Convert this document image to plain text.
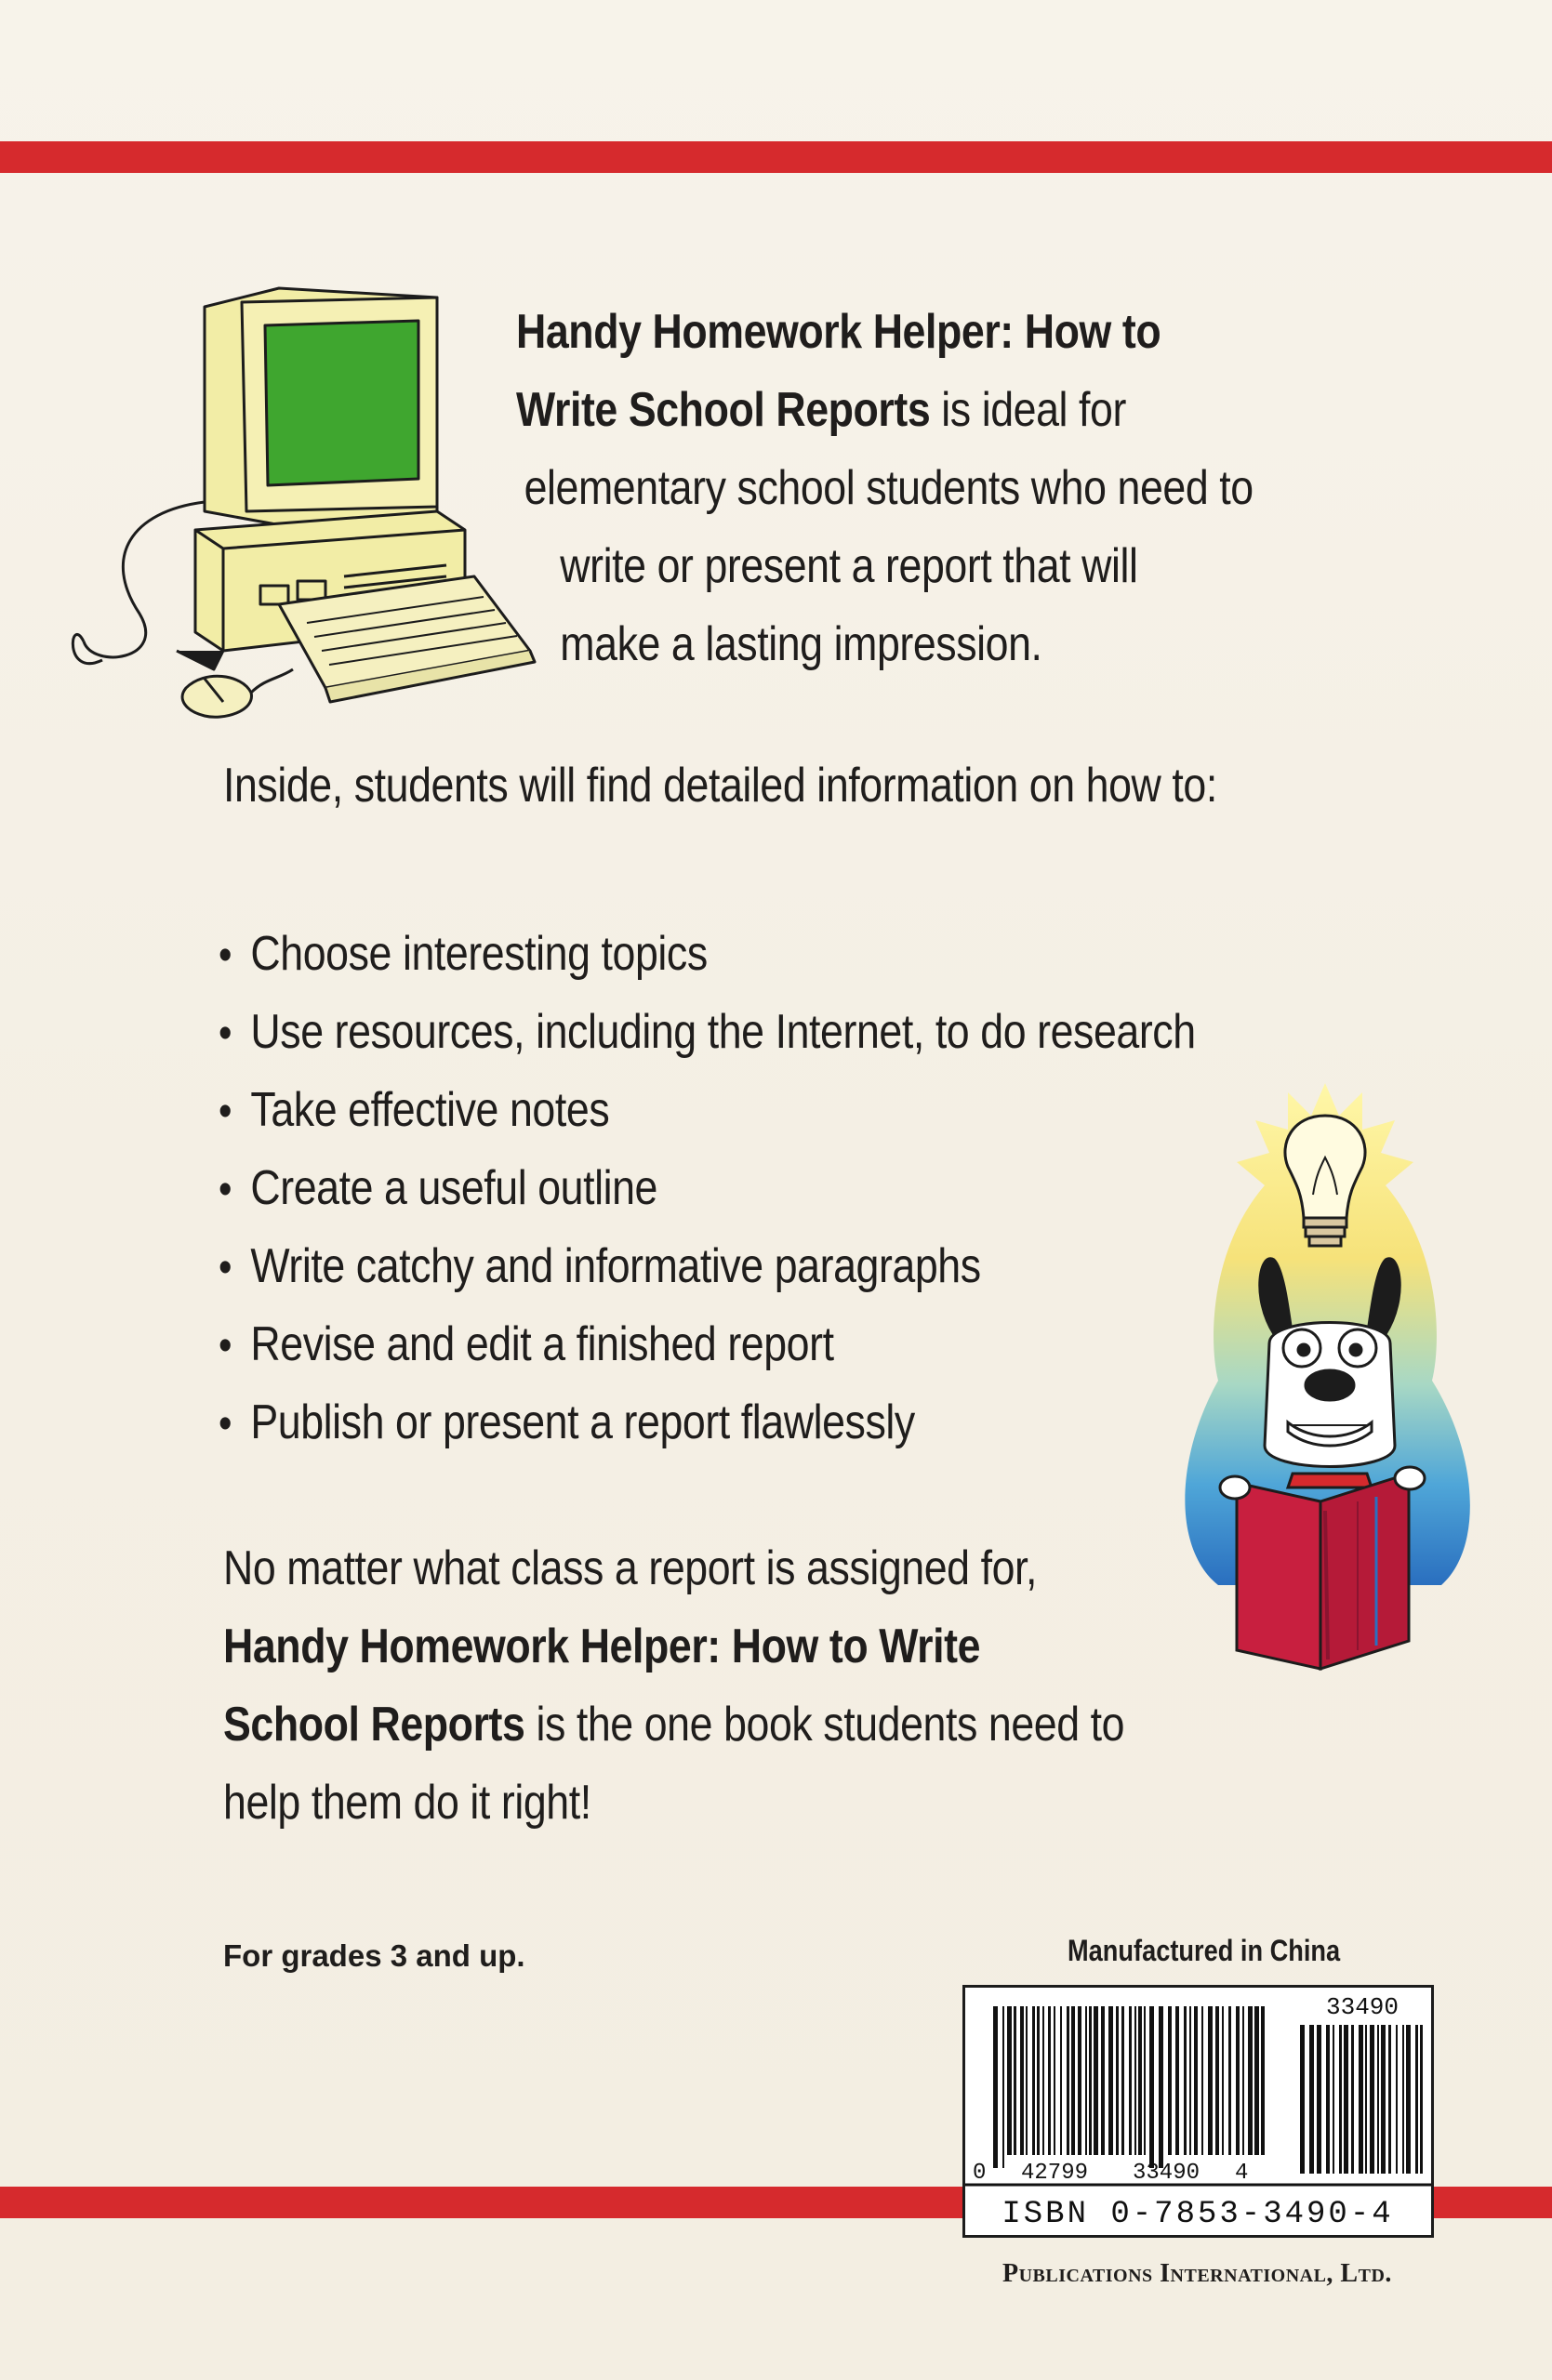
Handy Homework Helper: How to
Write School Reports is ideal for
elementary school students who need to
write or present a report that will
make a lasting impression.
Inside, students will find detailed information on how to:
• Choose interesting topics
• Use resources, including the Internet, to do research
• Take effective notes
• Create a useful outline
• Write catchy and informative paragraphs
• Revise and edit a finished report
• Publish or present a report flawlessly
No matter what class a report is assigned for,
Handy Homework Helper: How to Write
School Reports is the one book students need to
help them do it right!
For grades 3 and up.	Manufactured in China
33490
0 42799 33490 4
ISBN 0-7853-3490-4
Publications International, Ltd.
